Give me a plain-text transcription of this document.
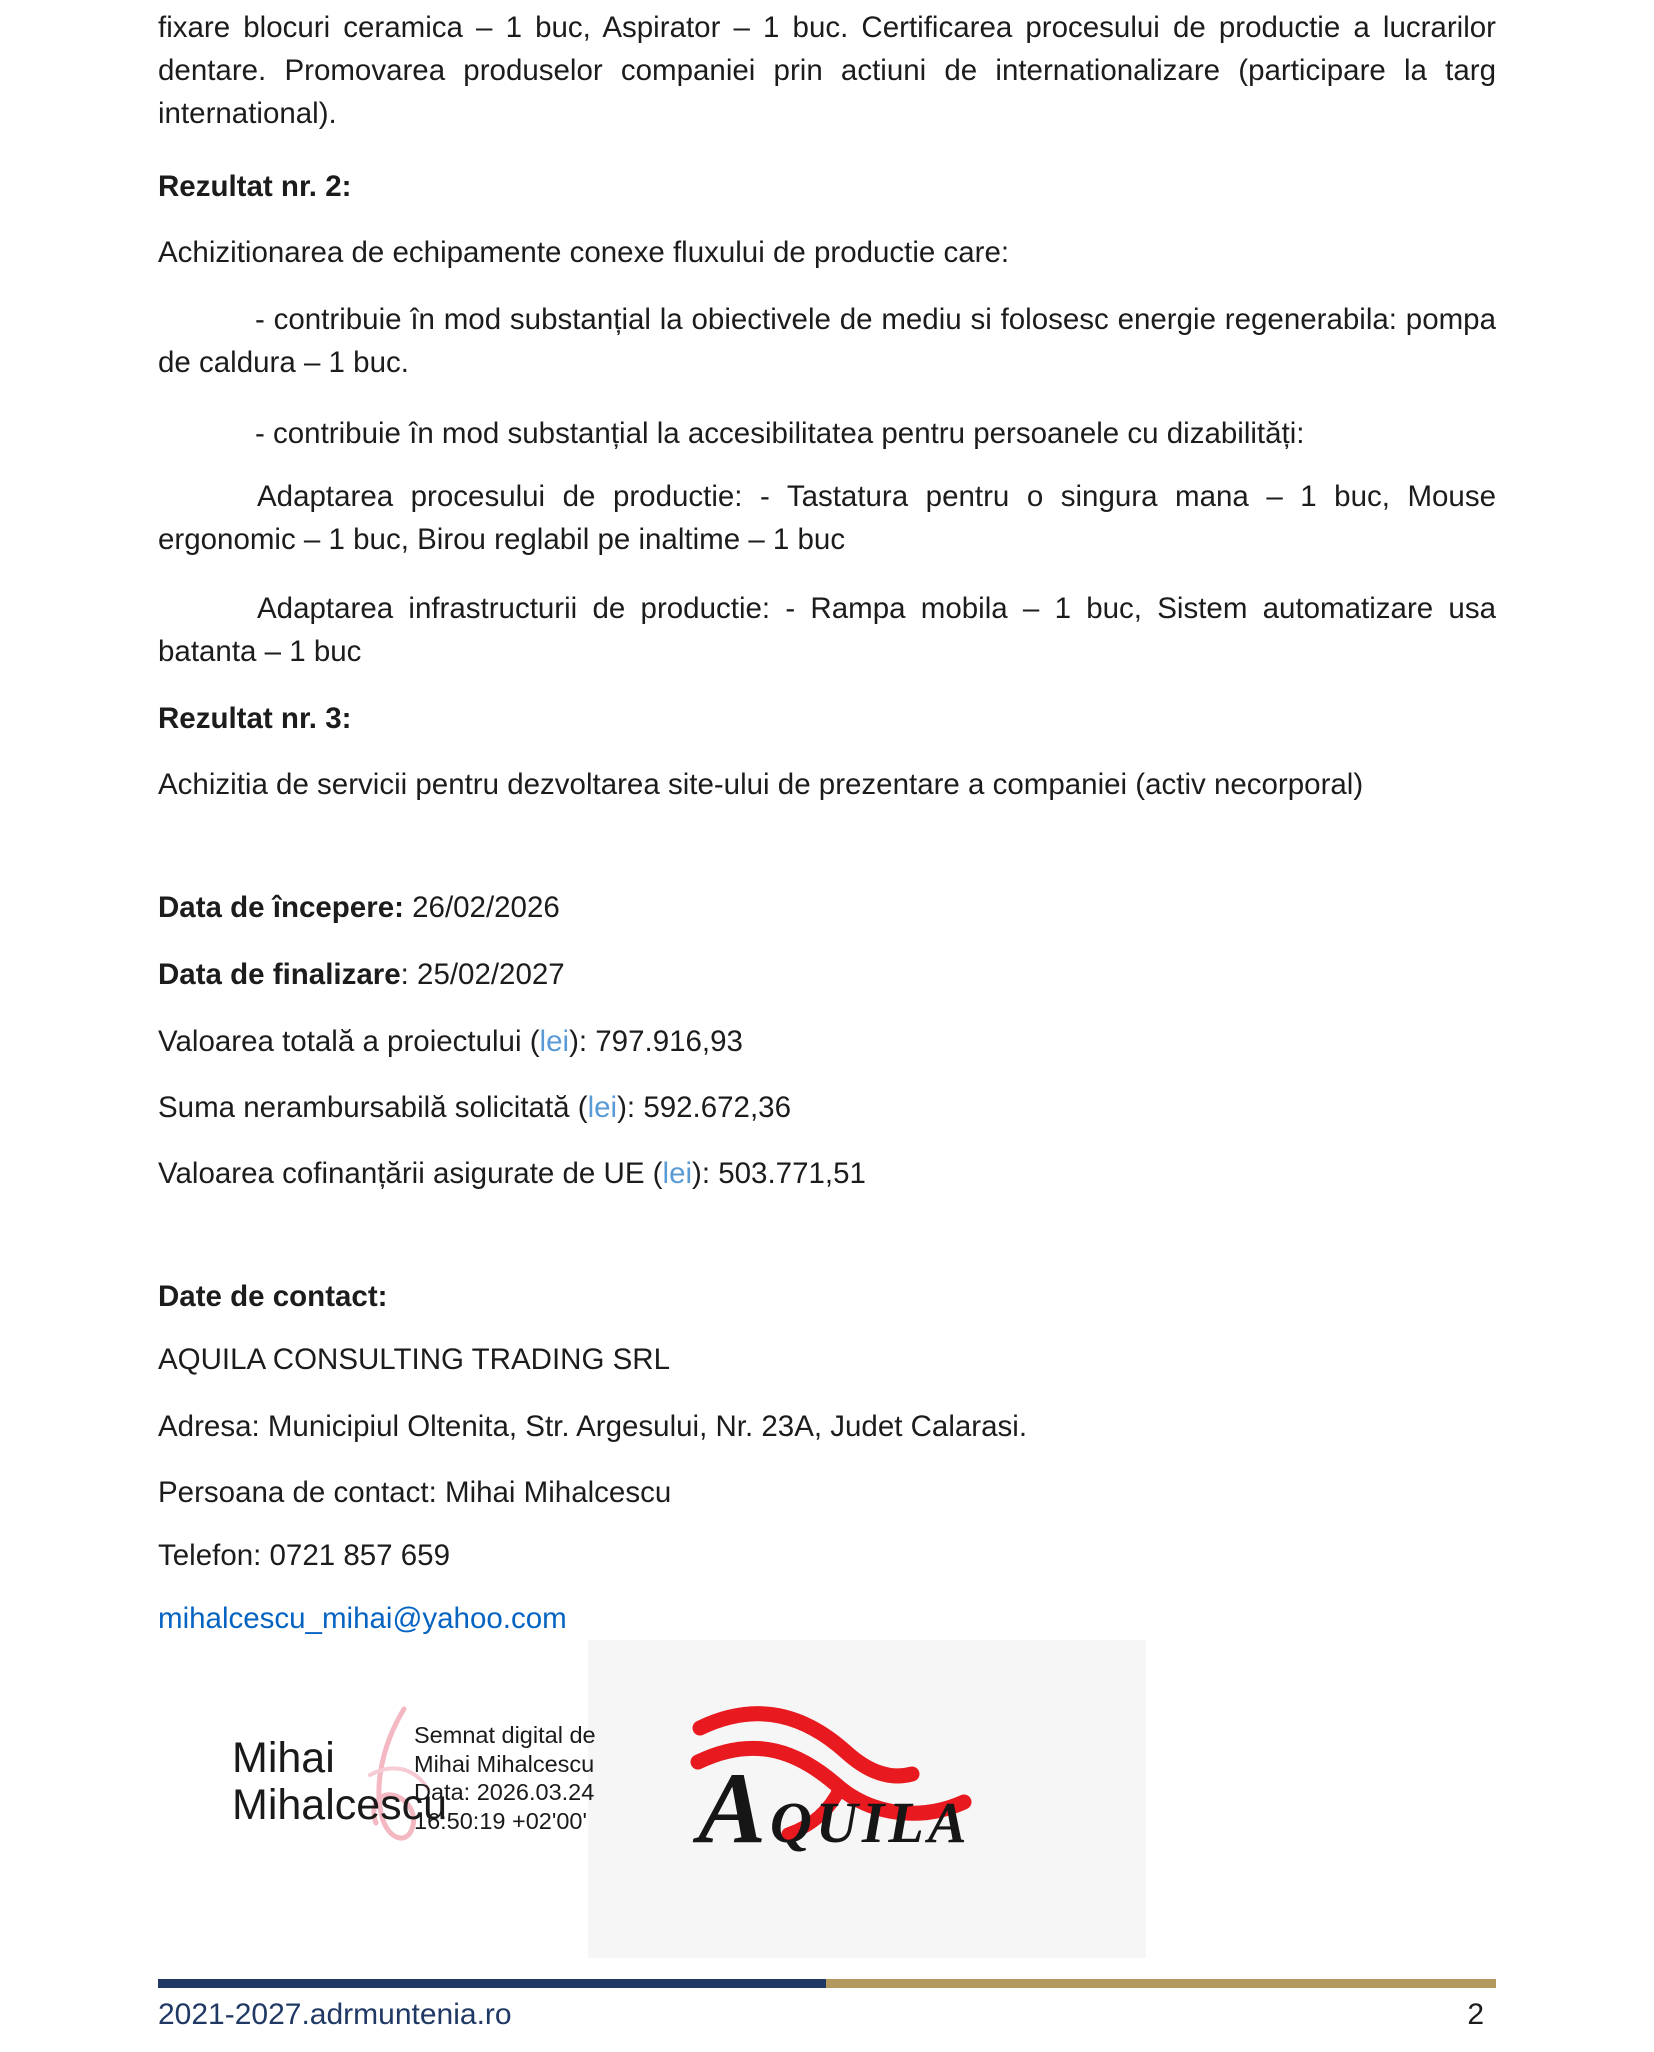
fixare blocuri ceramica – 1 buc, Aspirator – 1 buc. Certificarea procesului de productie a lucrarilor dentare. Promovarea produselor companiei prin actiuni de internationalizare (participare la targ international).

Rezultat nr. 2:

Achizitionarea de echipamente conexe fluxului de productie care:

- contribuie în mod substanțial la obiectivele de mediu si folosesc energie regenerabila: pompa de caldura – 1 buc.

- contribuie în mod substanțial la accesibilitatea pentru persoanele cu dizabilități:

Adaptarea procesului de productie: - Tastatura pentru o singura mana – 1 buc, Mouse ergonomic – 1 buc, Birou reglabil pe inaltime – 1 buc

Adaptarea infrastructurii de productie: - Rampa mobila – 1 buc, Sistem automatizare usa batanta – 1 buc

Rezultat nr. 3:

Achizitia de servicii pentru dezvoltarea site-ului de prezentare a companiei (activ necorporal)

Data de începere: 26/02/2026

Data de finalizare: 25/02/2027

Valoarea totală a proiectului (lei): 797.916,93

Suma nerambursabilă solicitată (lei): 592.672,36

Valoarea cofinanțării asigurate de UE (lei): 503.771,51

Date de contact:

AQUILA CONSULTING TRADING SRL

Adresa: Municipiul Oltenita, Str. Argesului, Nr. 23A, Judet Calarasi.

Persoana de contact: Mihai Mihalcescu

Telefon: 0721 857 659

mihalcescu_mihai@yahoo.com

Mihai
Mihalcescu
Semnat digital de
Mihai Mihalcescu
Data: 2026.03.24
16:50:19 +02'00' A QUILA
2021-2027.adrmuntenia.ro	2
